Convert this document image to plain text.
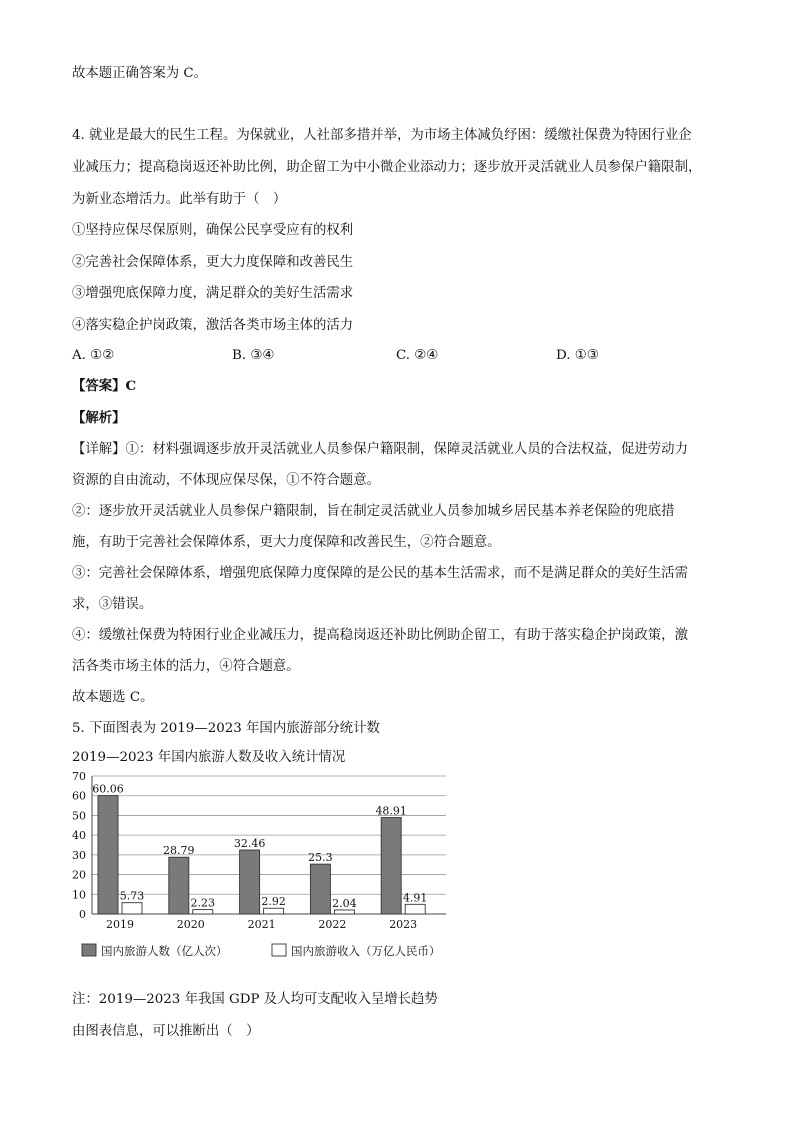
故本题正确答案为 C。
4. 就业是最大的民生工程。为保就业，人社部多措并举，为市场主体减负纾困：缓缴社保费为特困行业企
业减压力；提高稳岗返还补助比例，助企留工为中小微企业添动力；逐步放开灵活就业人员参保户籍限制，
为新业态增活力。此举有助于（　）
①坚持应保尽保原则，确保公民享受应有的权利
②完善社会保障体系，更大力度保障和改善民生
③增强兜底保障力度，满足群众的美好生活需求
④落实稳企护岗政策，激活各类市场主体的活力
A. ①②	B. ③④	C. ②④	D. ①③
【答案】C
【解析】
【详解】①：材料强调逐步放开灵活就业人员参保户籍限制，保障灵活就业人员的合法权益，促进劳动力
资源的自由流动，不体现应保尽保，①不符合题意。
②：逐步放开灵活就业人员参保户籍限制，旨在制定灵活就业人员参加城乡居民基本养老保险的兜底措
施，有助于完善社会保障体系，更大力度保障和改善民生，②符合题意。
③：完善社会保障体系，增强兜底保障力度保障的是公民的基本生活需求，而不是满足群众的美好生活需
求，③错误。
④：缓缴社保费为特困行业企业减压力，提高稳岗返还补助比例助企留工，有助于落实稳企护岗政策，激
活各类市场主体的活力，④符合题意。
故本题选 C。
5. 下面图表为 2019—2023 年国内旅游部分统计数
2019—2023 年国内旅游人数及收入统计情况
0
10
20
30
40
50
60
70
60.06
5.73
2019
28.79
2.23
2020
32.46
2.92
2021
25.3
2.04
2022
48.91
4.91
2023
国内旅游人数（亿人次）	国内旅游收入（万亿人民币）
注：2019—2023 年我国 GDP 及人均可支配收入呈增长趋势
由图表信息，可以推断出（　）
